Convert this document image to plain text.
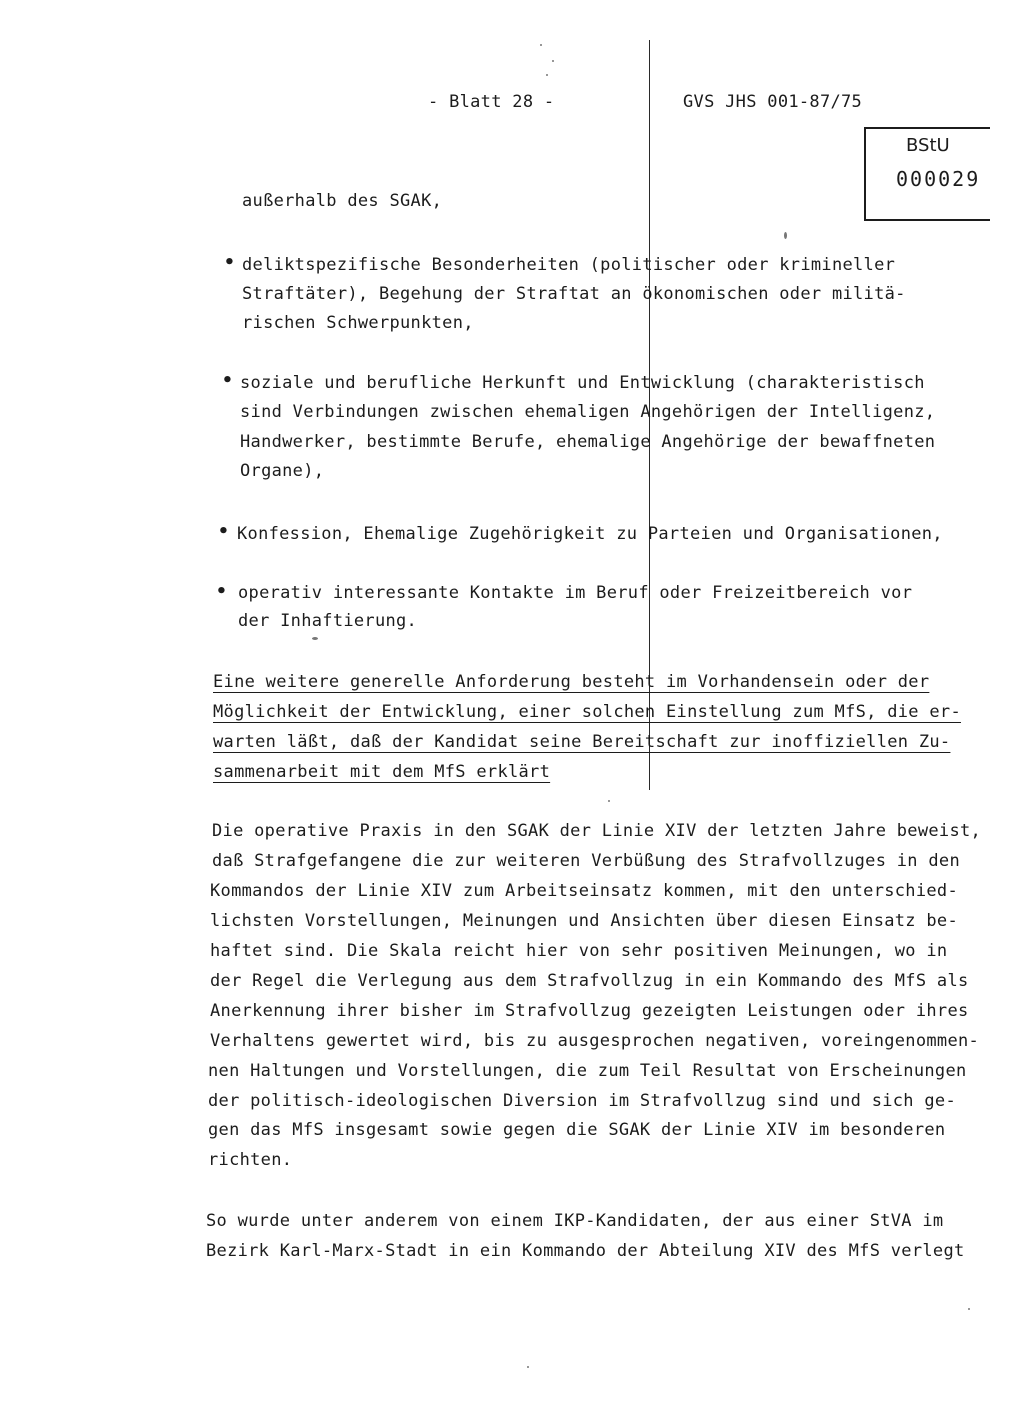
- Blatt 28 -	GVS JHS 001-87/75
BStU
000029
außerhalb des SGAK,
• deliktspezifische Besonderheiten (politischer oder krimineller
Straftäter), Begehung der Straftat an ökonomischen oder militä-
rischen Schwerpunkten,
• soziale und berufliche Herkunft und Entwicklung (charakteristisch
sind Verbindungen zwischen ehemaligen Angehörigen der Intelligenz,
Handwerker, bestimmte Berufe, ehemalige Angehörige der bewaffneten
Organe),
• Konfession, Ehemalige Zugehörigkeit zu Parteien und Organisationen,
• operativ interessante Kontakte im Beruf oder Freizeitbereich vor
der Inhaftierung.
Eine weitere generelle Anforderung besteht im Vorhandensein oder der
Möglichkeit der Entwicklung, einer solchen Einstellung zum MfS, die er-
warten läßt, daß der Kandidat seine Bereitschaft zur inoffiziellen Zu-
sammenarbeit mit dem MfS erklärt
Die operative Praxis in den SGAK der Linie XIV der letzten Jahre beweist,
daß Strafgefangene die zur weiteren Verbüßung des Strafvollzuges in den
Kommandos der Linie XIV zum Arbeitseinsatz kommen, mit den unterschied-
lichsten Vorstellungen, Meinungen und Ansichten über diesen Einsatz be-
haftet sind. Die Skala reicht hier von sehr positiven Meinungen, wo in
der Regel die Verlegung aus dem Strafvollzug in ein Kommando des MfS als
Anerkennung ihrer bisher im Strafvollzug gezeigten Leistungen oder ihres
Verhaltens gewertet wird, bis zu ausgesprochen negativen, voreingenommen-
nen Haltungen und Vorstellungen, die zum Teil Resultat von Erscheinungen
der politisch-ideologischen Diversion im Strafvollzug sind und sich ge-
gen das MfS insgesamt sowie gegen die SGAK der Linie XIV im besonderen
richten.
So wurde unter anderem von einem IKP-Kandidaten, der aus einer StVA im
Bezirk Karl-Marx-Stadt in ein Kommando der Abteilung XIV des MfS verlegt
